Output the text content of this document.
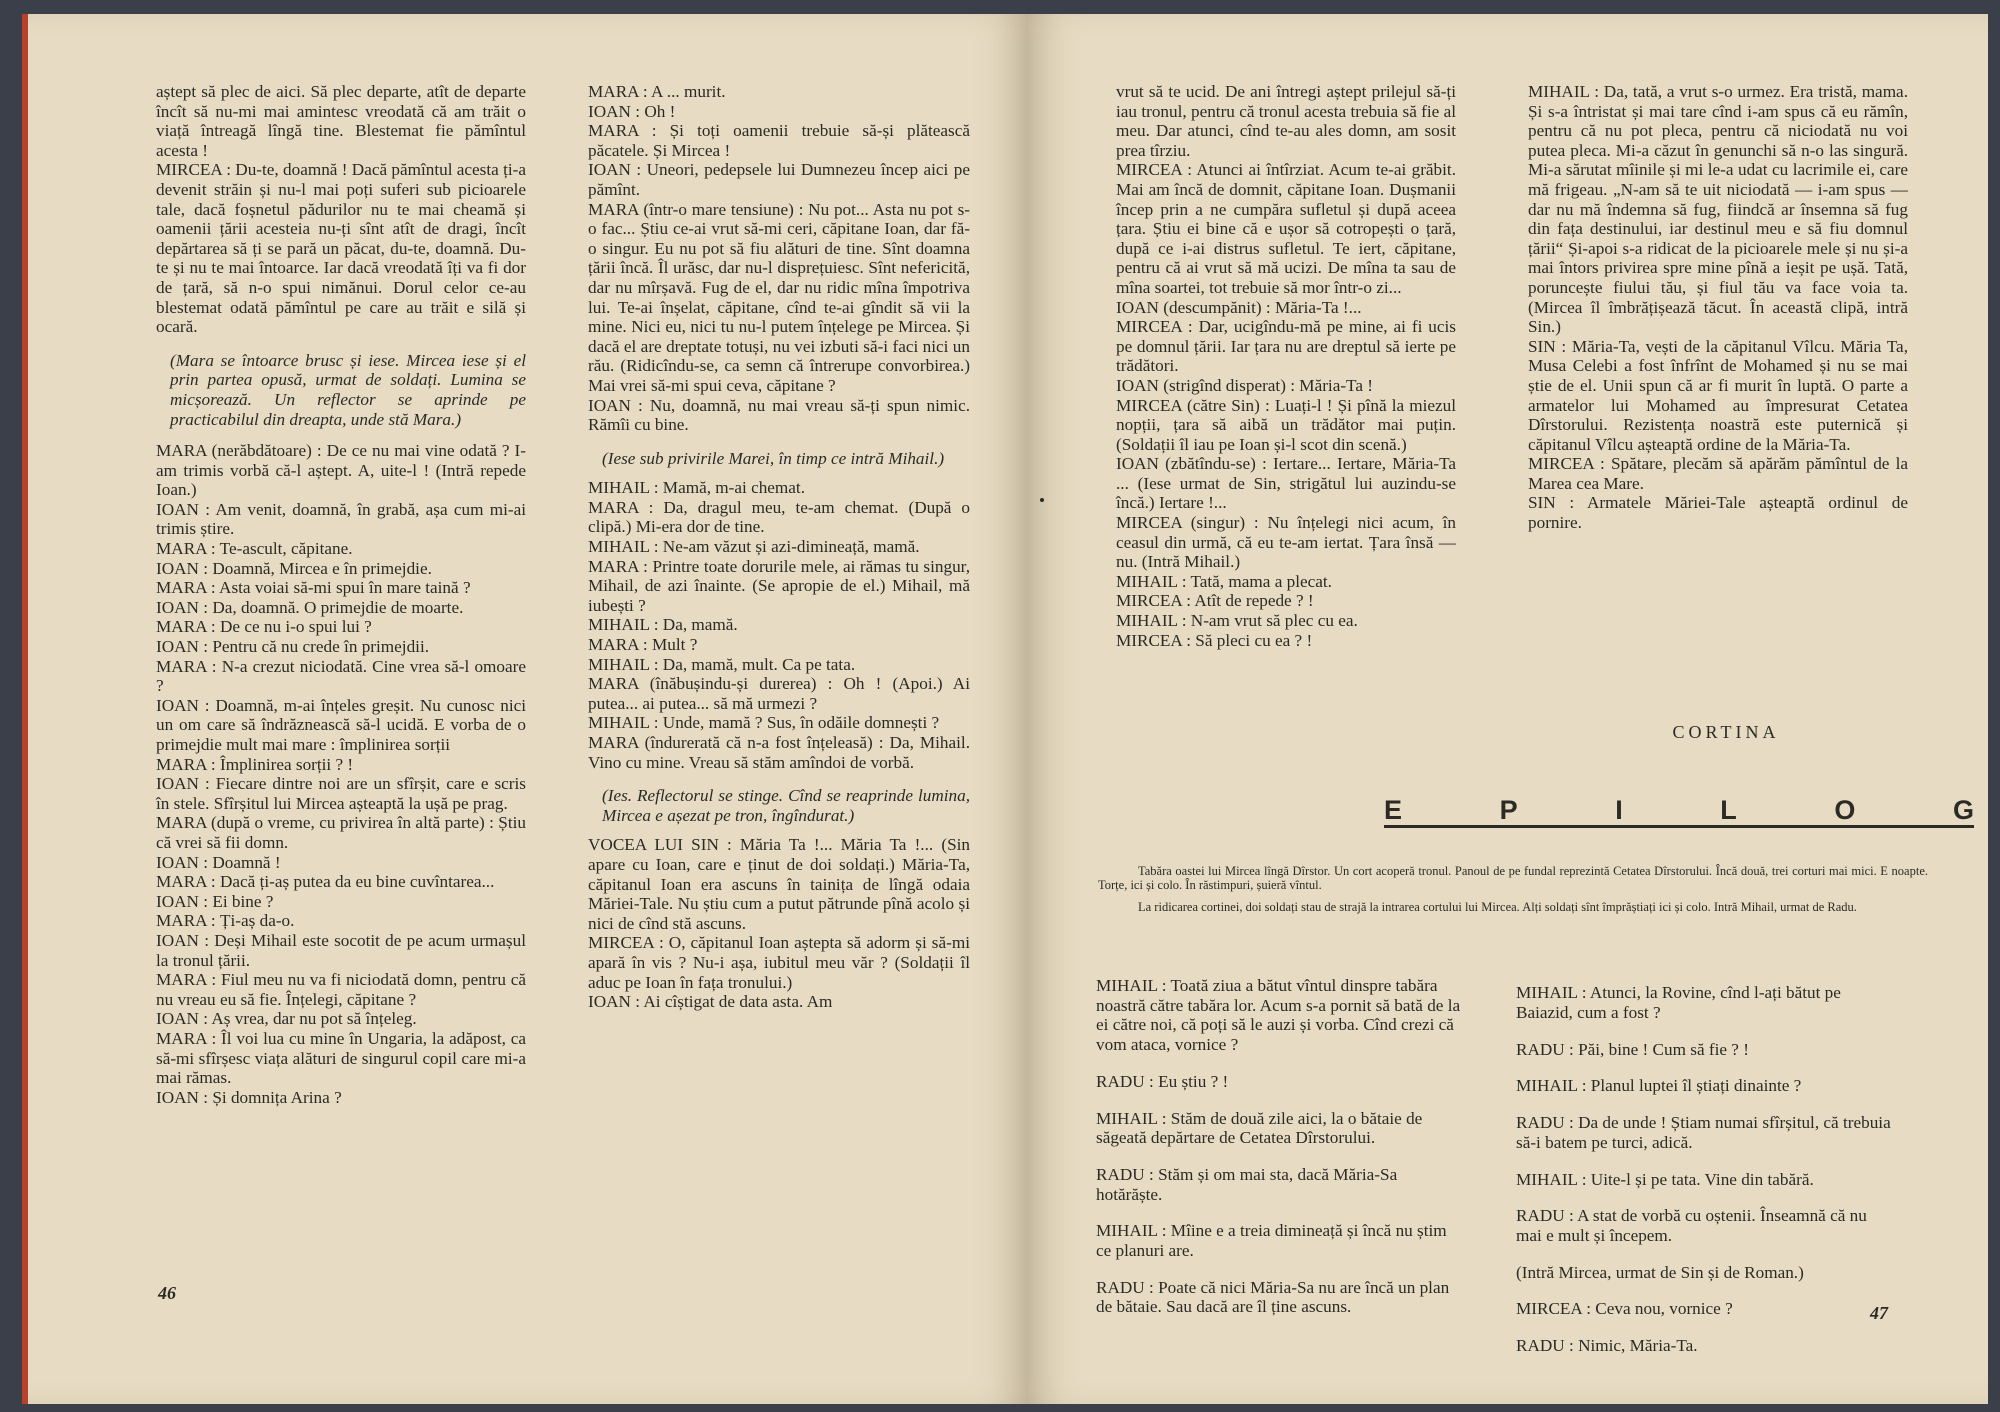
aștept să plec de aici. Să plec departe, atît de departe încît să nu-mi mai amintesc vreodată că am trăit o viață întreagă lîngă tine. Blestemat fie pămîntul acesta !

MIRCEA : Du-te, doamnă ! Dacă pămîntul acesta ți-a devenit străin și nu-l mai poți suferi sub picioarele tale, dacă foșnetul pădurilor nu te mai cheamă și oamenii țării acesteia nu-ți sînt atît de dragi, încît depărtarea să ți se pară un păcat, du-te, doamnă. Du-te și nu te mai întoarce. Iar dacă vreodată îți va fi dor de țară, să n-o spui nimănui. Dorul celor ce-au blestemat odată pămîntul pe care au trăit e silă și ocară.

(Mara se întoarce brusc și iese. Mircea iese și el prin partea opusă, urmat de soldați. Lumina se micșorează. Un reflector se aprinde pe practicabilul din dreapta, unde stă Mara.)

MARA (nerăbdătoare) : De ce nu mai vine odată ? I-am trimis vorbă că-l aștept. A, uite-l ! (Intră repede Ioan.)

IOAN : Am venit, doamnă, în grabă, așa cum mi-ai trimis știre.

MARA : Te-ascult, căpitane.

IOAN : Doamnă, Mircea e în primejdie.

MARA : Asta voiai să-mi spui în mare taină ?

IOAN : Da, doamnă. O primejdie de moarte.

MARA : De ce nu i-o spui lui ?

IOAN : Pentru că nu crede în primejdii.

MARA : N-a crezut niciodată. Cine vrea să-l omoare ?

IOAN : Doamnă, m-ai înțeles greșit. Nu cunosc nici un om care să îndrăznească să-l ucidă. E vorba de o primejdie mult mai mare : împlinirea sorții

MARA : Împlinirea sorții ? !

IOAN : Fiecare dintre noi are un sfîrșit, care e scris în stele. Sfîrșitul lui Mircea așteaptă la ușă pe prag.

MARA (după o vreme, cu privirea în altă parte) : Știu că vrei să fii domn.

IOAN : Doamnă !

MARA : Dacă ți-aș putea da eu bine cuvîntarea...

IOAN : Ei bine ?

MARA : Ți-aș da-o.

IOAN : Deși Mihail este socotit de pe acum urmașul la tronul țării.

MARA : Fiul meu nu va fi niciodată domn, pentru că nu vreau eu să fie. Înțelegi, căpitane ?

IOAN : Aș vrea, dar nu pot să înțeleg.

MARA : Îl voi lua cu mine în Ungaria, la adăpost, ca să-mi sfîrșesc viața alături de singurul copil care mi-a mai rămas.

IOAN : Și domnița Arina ?

MARA : A ... murit.

IOAN : Oh !

MARA : Și toți oamenii trebuie să-și plătească păcatele. Și Mircea !

IOAN : Uneori, pedepsele lui Dumnezeu încep aici pe pămînt.

MARA (într-o mare tensiune) : Nu pot... Asta nu pot s-o fac... Știu ce-ai vrut să-mi ceri, căpitane Ioan, dar fă-o singur. Eu nu pot să fiu alături de tine. Sînt doamna țării încă. Îl urăsc, dar nu-l disprețuiesc. Sînt nefericită, dar nu mîrșavă. Fug de el, dar nu ridic mîna împotriva lui. Te-ai înșelat, căpitane, cînd te-ai gîndit să vii la mine. Nici eu, nici tu nu-l putem înțelege pe Mircea. Și dacă el are dreptate totuși, nu vei izbuti să-i faci nici un rău. (Ridicîndu-se, ca semn că întrerupe convorbirea.) Mai vrei să-mi spui ceva, căpitane ?

IOAN : Nu, doamnă, nu mai vreau să-ți spun nimic. Rămîi cu bine.

(Iese sub privirile Marei, în timp ce intră Mihail.)

MIHAIL : Mamă, m-ai chemat.

MARA : Da, dragul meu, te-am chemat. (După o clipă.) Mi-era dor de tine.

MIHAIL : Ne-am văzut și azi-dimineață, mamă.

MARA : Printre toate dorurile mele, ai rămas tu singur, Mihail, de azi înainte. (Se apropie de el.) Mihail, mă iubești ?

MIHAIL : Da, mamă.

MARA : Mult ?

MIHAIL : Da, mamă, mult. Ca pe tata.

MARA (înăbușindu-și durerea) : Oh ! (Apoi.) Ai putea... ai putea... să mă urmezi ?

MIHAIL : Unde, mamă ? Sus, în odăile domnești ?

MARA (îndurerată că n-a fost înțeleasă) : Da, Mihail. Vino cu mine. Vreau să stăm amîndoi de vorbă.

(Ies. Reflectorul se stinge. Cînd se reaprinde lumina, Mircea e așezat pe tron, îngîndurat.)

VOCEA LUI SIN : Măria Ta !... Măria Ta !... (Sin apare cu Ioan, care e ținut de doi soldați.) Măria-Ta, căpitanul Ioan era ascuns în tainița de lîngă odaia Măriei-Tale. Nu știu cum a putut pătrunde pînă acolo și nici de cînd stă ascuns.

MIRCEA : O, căpitanul Ioan aștepta să adorm și să-mi apară în vis ? Nu-i așa, iubitul meu văr ? (Soldații îl aduc pe Ioan în fața tronului.)

IOAN : Ai cîștigat de data asta. Am

46

vrut să te ucid. De ani întregi aștept prilejul să-ți iau tronul, pentru că tronul acesta trebuia să fie al meu. Dar atunci, cînd te-au ales domn, am sosit prea tîrziu.

MIRCEA : Atunci ai întîrziat. Acum te-ai grăbit. Mai am încă de domnit, căpitane Ioan. Dușmanii încep prin a ne cumpăra sufletul și după aceea țara. Știu ei bine că e ușor să cotropești o țară, după ce i-ai distrus sufletul. Te iert, căpitane, pentru că ai vrut să mă ucizi. De mîna ta sau de mîna soartei, tot trebuie să mor într-o zi...

IOAN (descumpănit) : Măria-Ta !...

MIRCEA : Dar, ucigîndu-mă pe mine, ai fi ucis pe domnul țării. Iar țara nu are dreptul să ierte pe trădători.

IOAN (strigînd disperat) : Măria-Ta !

MIRCEA (către Sin) : Luați-l ! Și pînă la miezul nopții, țara să aibă un trădător mai puțin. (Soldații îl iau pe Ioan și-l scot din scenă.)

IOAN (zbătîndu-se) : Iertare... Iertare, Măria-Ta ... (Iese urmat de Sin, strigătul lui auzindu-se încă.) Iertare !...

MIRCEA (singur) : Nu înțelegi nici acum, în ceasul din urmă, că eu te-am iertat. Țara însă — nu. (Intră Mihail.)

MIHAIL : Tată, mama a plecat.

MIRCEA : Atît de repede ? !

MIHAIL : N-am vrut să plec cu ea.

MIRCEA : Să pleci cu ea ? !

MIHAIL : Da, tată, a vrut s-o urmez. Era tristă, mama. Și s-a întristat și mai tare cînd i-am spus că eu rămîn, pentru că nu pot pleca, pentru că niciodată nu voi putea pleca. Mi-a căzut în genunchi să n-o las singură. Mi-a sărutat mîinile și mi le-a udat cu lacrimile ei, care mă frigeau. „N-am să te uit niciodată — i-am spus — dar nu mă îndemna să fug, fiindcă ar însemna să fug din fața destinului, iar destinul meu e să fiu domnul țării“ Și-apoi s-a ridicat de la picioarele mele și nu și-a mai întors privirea spre mine pînă a ieșit pe ușă. Tată, poruncește fiului tău, și fiul tău va face voia ta. (Mircea îl îmbrățișează tăcut. În această clipă, intră Sin.)

SIN : Măria-Ta, vești de la căpitanul Vîlcu. Măria Ta, Musa Celebi a fost înfrînt de Mohamed și nu se mai știe de el. Unii spun că ar fi murit în luptă. O parte a armatelor lui Mohamed au împresurat Cetatea Dîrstorului. Rezistența noastră este puternică și căpitanul Vîlcu așteaptă ordine de la Măria-Ta.

MIRCEA : Spătare, plecăm să apărăm pămîntul de la Marea cea Mare.

SIN : Armatele Măriei-Tale așteaptă ordinul de pornire.

CORTINA
E	P	I	L	O	G

Tabăra oastei lui Mircea lîngă Dîrstor. Un cort acoperă tronul. Panoul de pe fundal reprezintă Cetatea Dîrstorului. Încă două, trei corturi mai mici. E noapte. Torțe, ici și colo. În răstimpuri, șuieră vîntul.

La ridicarea cortinei, doi soldați stau de strajă la intrarea cortului lui Mircea. Alți soldați sînt împrăștiați ici și colo. Intră Mihail, urmat de Radu.

MIHAIL : Toată ziua a bătut vîntul dinspre tabăra noastră către tabăra lor. Acum s-a pornit să bată de la ei către noi, că poți să le auzi și vorba. Cînd crezi că vom ataca, vornice ?

RADU : Eu știu ? !

MIHAIL : Stăm de două zile aici, la o bătaie de săgeată depărtare de Cetatea Dîrstorului.

RADU : Stăm și om mai sta, dacă Măria-Sa hotărăște.

MIHAIL : Mîine e a treia dimineață și încă nu știm ce planuri are.

RADU : Poate că nici Măria-Sa nu are încă un plan de bătaie. Sau dacă are îl ține ascuns.

MIHAIL : Atunci, la Rovine, cînd l-ați bătut pe Baiazid, cum a fost ?

RADU : Păi, bine ! Cum să fie ? !

MIHAIL : Planul luptei îl știați dinainte ?

RADU : Da de unde ! Știam numai sfîrșitul, că trebuia să-i batem pe turci, adică.

MIHAIL : Uite-l și pe tata. Vine din tabără.

RADU : A stat de vorbă cu oștenii. Înseamnă că nu mai e mult și începem.

(Intră Mircea, urmat de Sin și de Roman.)

MIRCEA : Ceva nou, vornice ?

RADU : Nimic, Măria-Ta.

47
